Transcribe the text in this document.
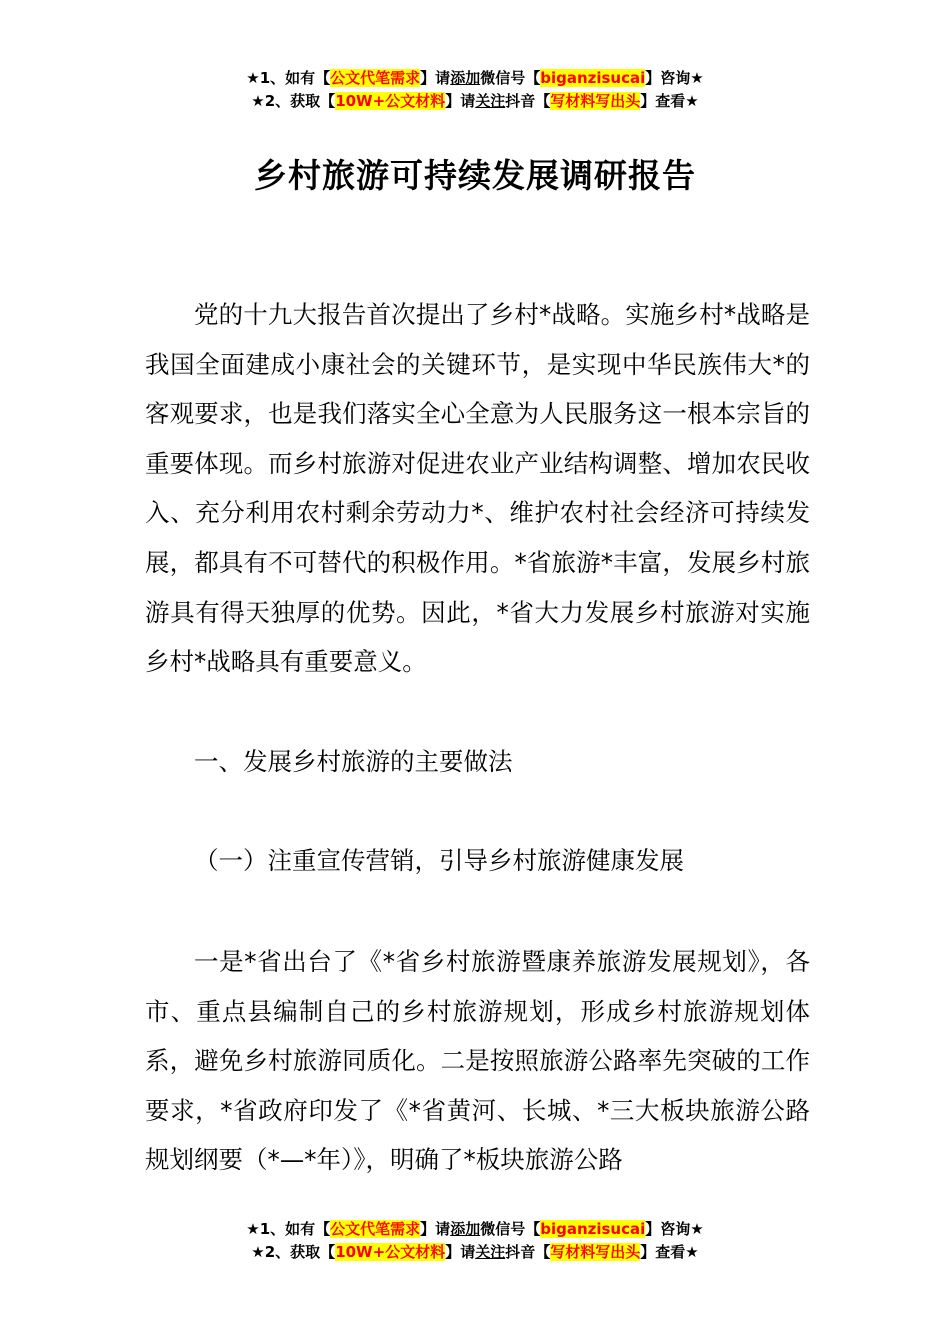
★1、如有【公文代笔需求】请添加微信号【biganzisucai】咨询★
★2、获取【10W+公文材料】请关注抖音【写材料写出头】查看★
乡村旅游可持续发展调研报告

党的十九大报告首次提出了乡村*战略。实施乡村*战略是我国全面建成小康社会的关键环节，是实现中华民族伟大*的客观要求，也是我们落实全心全意为人民服务这一根本宗旨的重要体现。而乡村旅游对促进农业产业结构调整、增加农民收入、充分利用农村剩余劳动力*、维护农村社会经济可持续发展，都具有不可替代的积极作用。*省旅游*丰富，发展乡村旅游具有得天独厚的优势。因此，*省大力发展乡村旅游对实施乡村*战略具有重要意义。

一、发展乡村旅游的主要做法

（一）注重宣传营销，引导乡村旅游健康发展

一是*省出台了《*省乡村旅游暨康养旅游发展规划》，各市、重点县编制自己的乡村旅游规划，形成乡村旅游规划体系，避免乡村旅游同质化。二是按照旅游公路率先突破的工作要求，*省政府印发了《*省黄河、长城、*三大板块旅游公路规划纲要（*—*年）》，明确了*板块旅游公路

★1、如有【公文代笔需求】请添加微信号【biganzisucai】咨询★
★2、获取【10W+公文材料】请关注抖音【写材料写出头】查看★
